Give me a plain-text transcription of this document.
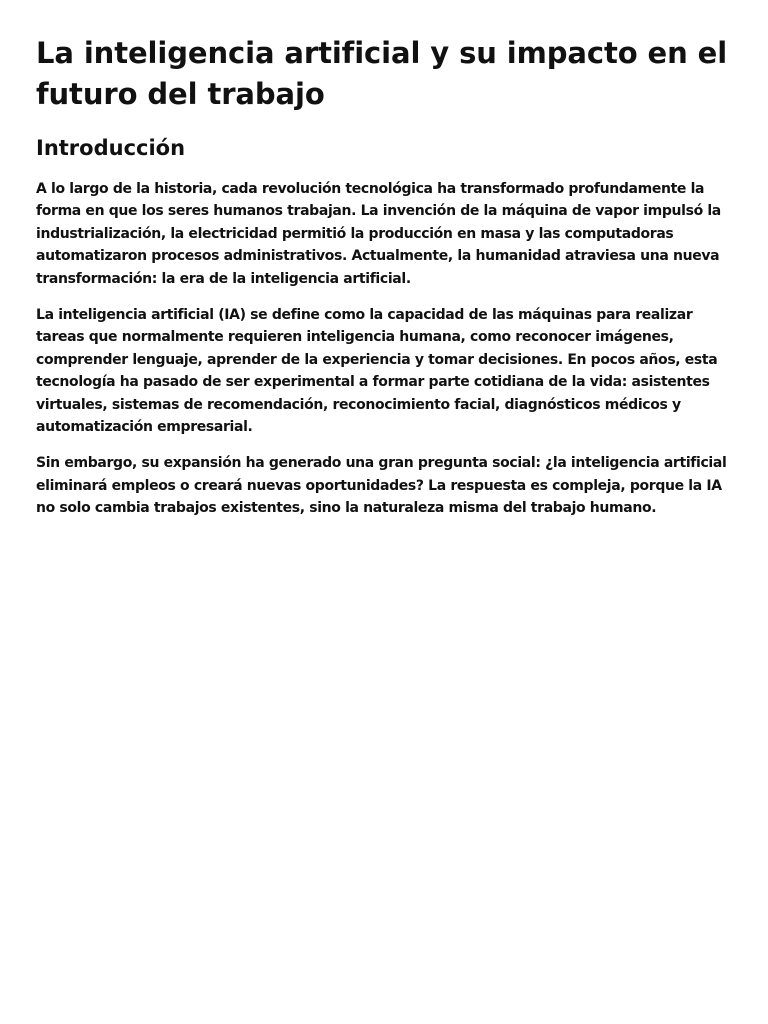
La inteligencia artificial y su impacto en el futuro del trabajo
Introducción

A lo largo de la historia, cada revolución tecnológica ha transformado profundamente la forma en que los seres humanos trabajan. La invención de la máquina de vapor impulsó la industrialización, la electricidad permitió la producción en masa y las computadoras automatizaron procesos administrativos. Actualmente, la humanidad atraviesa una nueva transformación: la era de la inteligencia artificial.

La inteligencia artificial (IA) se define como la capacidad de las máquinas para realizar tareas que normalmente requieren inteligencia humana, como reconocer imágenes, comprender lenguaje, aprender de la experiencia y tomar decisiones. En pocos años, esta tecnología ha pasado de ser experimental a formar parte cotidiana de la vida: asistentes virtuales, sistemas de recomendación, reconocimiento facial, diagnósticos médicos y automatización empresarial.

Sin embargo, su expansión ha generado una gran pregunta social: ¿la inteligencia artificial eliminará empleos o creará nuevas oportunidades? La respuesta es compleja, porque la IA no solo cambia trabajos existentes, sino la naturaleza misma del trabajo humano.
